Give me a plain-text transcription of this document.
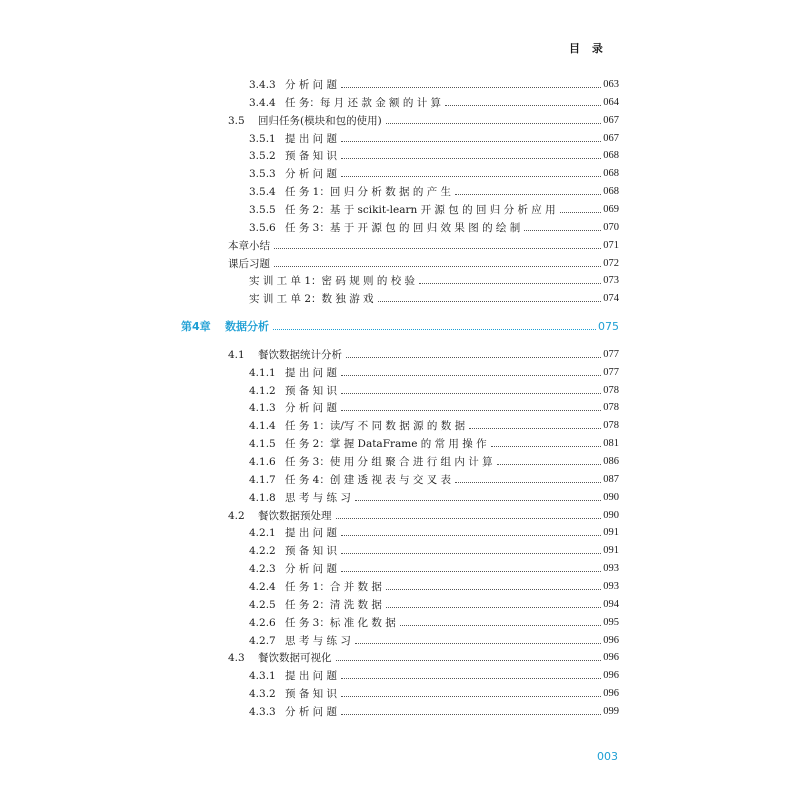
目 录
3.4.3 分 析 问 题	063
3.4.4 任 务：每 月 还 款 金 额 的 计 算	064
3.5	回归任务(模块和包的使用)	067
3.5.1 提 出 问 题	067
3.5.2 预 备 知 识	068
3.5.3 分 析 问 题	068
3.5.4 任 务 1：回 归 分 析 数 据 的 产 生	068
3.5.5 任 务 2：基 于 scikit-learn 开 源 包 的 回 归 分 析 应 用	069
3.5.6 任 务 3：基 于 开 源 包 的 回 归 效 果 图 的 绘 制	070
本章小结	071
课后习题	072
实 训 工 单 1：密 码 规 则 的 校 验	073
实 训 工 单 2：数 独 游 戏	074
第4章	数据分析	075
4.1	餐饮数据统计分析	077
4.1.1 提 出 问 题	077
4.1.2 预 备 知 识	078
4.1.3 分 析 问 题	078
4.1.4 任 务 1：读/写 不 同 数 据 源 的 数 据	078
4.1.5 任 务 2：掌 握 DataFrame 的 常 用 操 作	081
4.1.6 任 务 3：使 用 分 组 聚 合 进 行 组 内 计 算	086
4.1.7 任 务 4：创 建 透 视 表 与 交 叉 表	087
4.1.8 思 考 与 练 习	090
4.2	餐饮数据预处理	090
4.2.1 提 出 问 题	091
4.2.2 预 备 知 识	091
4.2.3 分 析 问 题	093
4.2.4 任 务 1：合 并 数 据	093
4.2.5 任 务 2：清 洗 数 据	094
4.2.6 任 务 3：标 准 化 数 据	095
4.2.7 思 考 与 练 习	096
4.3	餐饮数据可视化	096
4.3.1 提 出 问 题	096
4.3.2 预 备 知 识	096
4.3.3 分 析 问 题	099
003
